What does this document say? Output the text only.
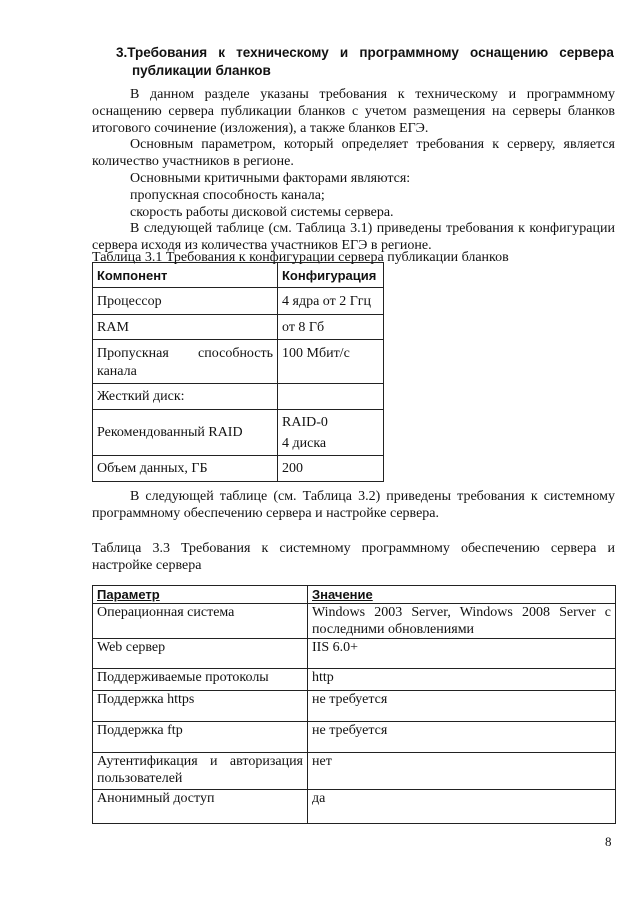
3.Требования к техническому и программному оснащению сервера
публикации бланков
В данном разделе указаны требования к техническому и программному
оснащению сервера публикации бланков с учетом размещения на серверы бланков
итогового сочинение (изложения), а также бланков ЕГЭ.
Основным параметром, который определяет требования к серверу, является
количество участников в регионе.
Основными критичными факторами являются:
пропускная способность канала;
скорость работы дисковой системы сервера.
В следующей таблице (см. Таблица 3.1) приведены требования к конфигурации
сервера исходя из количества участников ЕГЭ в регионе.
Таблица 3.1 Требования к конфигурации сервера публикации бланков
Компонент	Конфигурация
Процессор	4 ядра от 2 Ггц
RAM	от 8 Гб

Пропускная способность
канала	100 Мбит/с
Жесткий диск:	
Рекомендованный RAID	RAID-0
4 диска

Объем данных, ГБ	200
В следующей таблице (см. Таблица 3.2) приведены требования к системному
программному обеспечению сервера и настройке сервера.
Таблица 3.3 Требования к системному программному обеспечению сервера и
настройке сервера
Параметр	Значение
Операционная система	Windows 2003 Server, Windows 2008 Server с
последними обновлениями

Web сервер	IIS 6.0+
Поддерживаемые протоколы	http
Поддержка https	не требуется
Поддержка ftp	не требуется

Аутентификация и авторизация
пользователей	нет
Анонимный доступ	да
8
